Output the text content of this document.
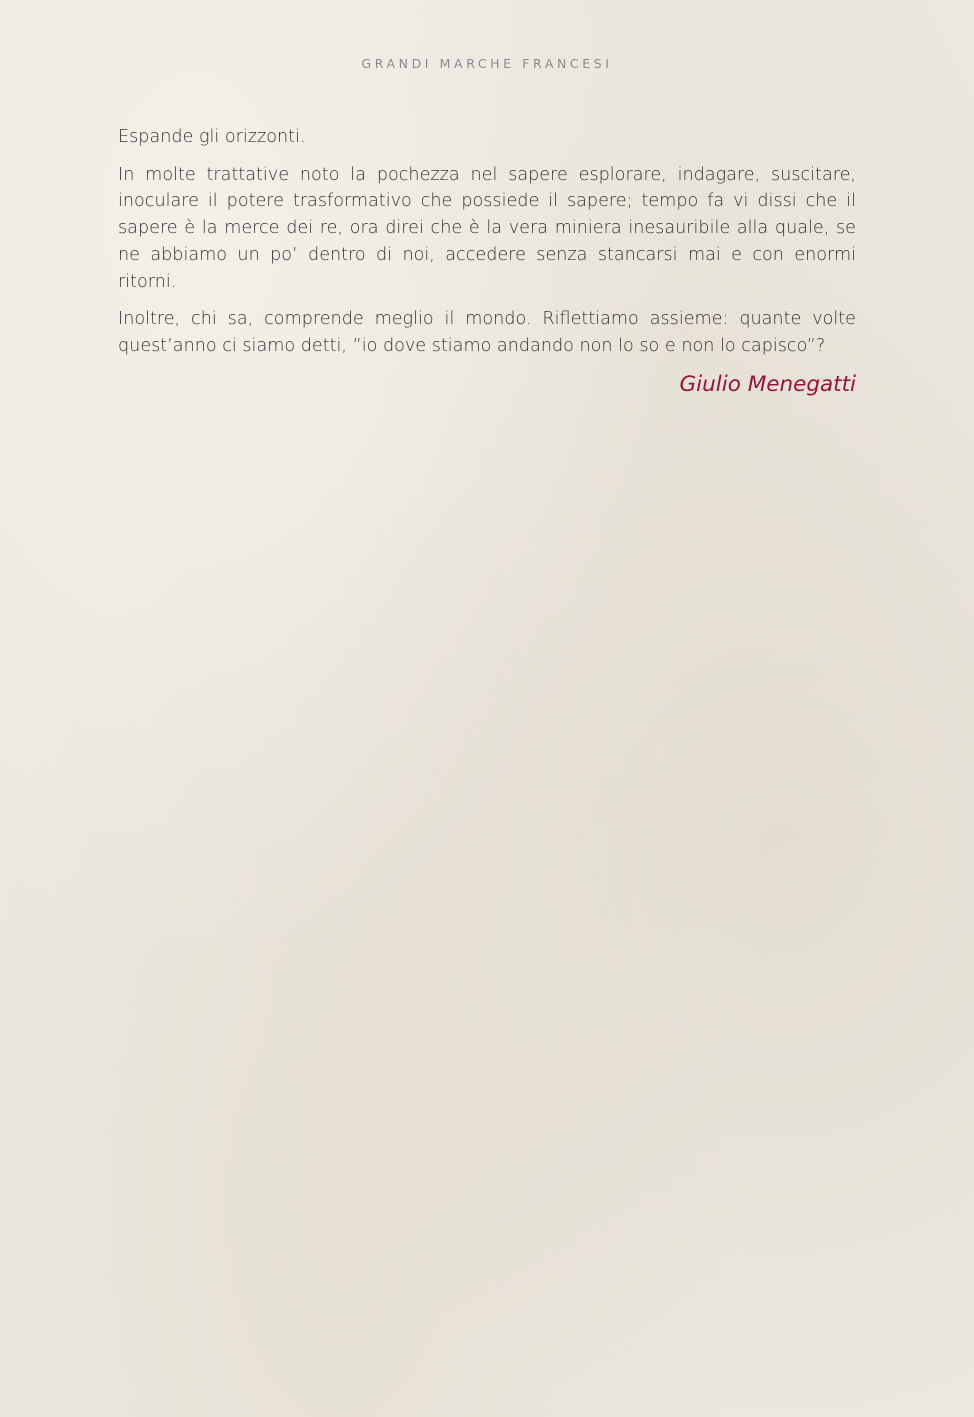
GRANDI MARCHE FRANCESI

Espande gli orizzonti.

In molte trattative noto la pochezza nel sapere esplorare, indagare, suscitare, inoculare il potere trasformativo che possiede il sapere; tempo fa vi dissi che il sapere è la merce dei re, ora direi che è la vera miniera inesauribile alla quale, se ne abbiamo un po’ dentro di noi, accedere senza stancarsi mai e con enormi ritorni.

Inoltre, chi sa, comprende meglio il mondo. Riflettiamo assieme: quante volte quest’anno ci siamo detti, ”io dove stiamo andando non lo so e non lo capisco”?

Giulio Menegatti
